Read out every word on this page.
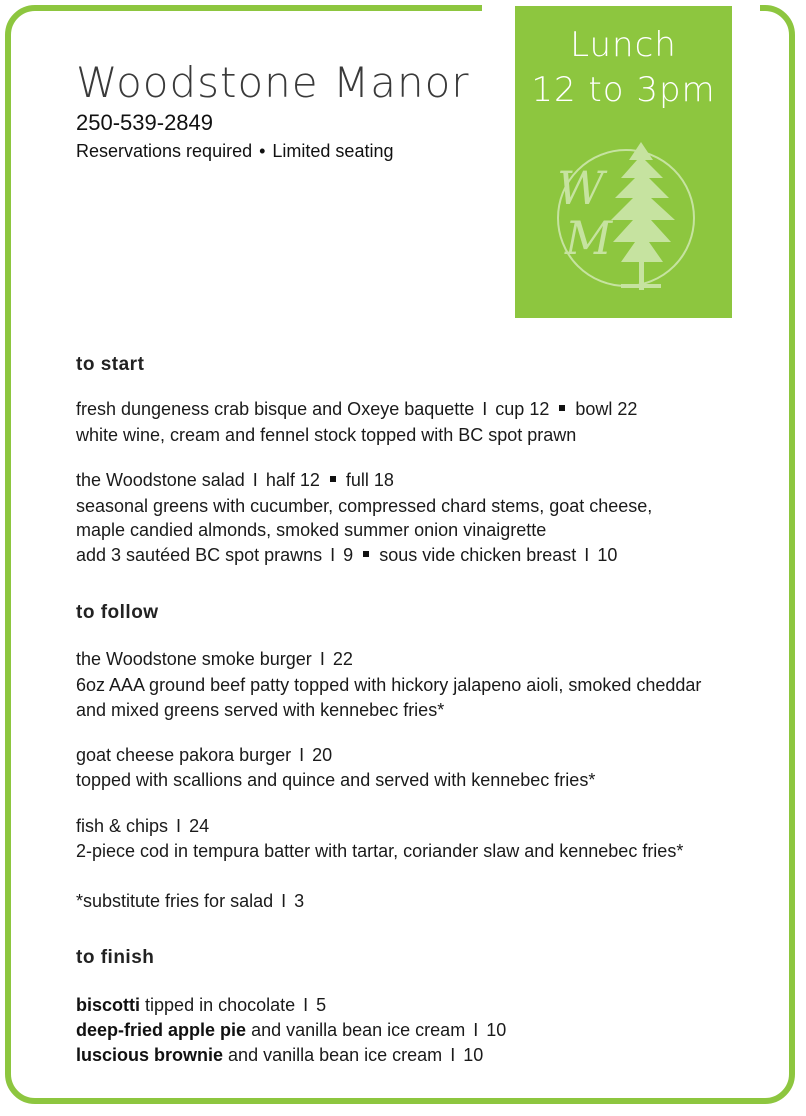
Lunch
12 to 3pm
W
M
Woodstone Manor
250-539-2849
Reservations required • Limited seating
to start
fresh dungeness crab bisque and Oxeye baquette I cup 12 bowl 22
white wine, cream and fennel stock topped with BC spot prawn
the Woodstone salad I half 12 full 18
seasonal greens with cucumber, compressed chard stems, goat cheese,
maple candied almonds, smoked summer onion vinaigrette
add 3 sautéed BC spot prawns I 9 sous vide chicken breast I 10
to follow
the Woodstone smoke burger I 22
6oz AAA ground beef patty topped with hickory jalapeno aioli, smoked cheddar
and mixed greens served with kennebec fries*
goat cheese pakora burger I 20
topped with scallions and quince and served with kennebec fries*
fish & chips I 24
2-piece cod in tempura batter with tartar, coriander slaw and kennebec fries*
*substitute fries for salad I 3
to finish
biscotti tipped in chocolate I 5
deep-fried apple pie and vanilla bean ice cream I 10
luscious brownie and vanilla bean ice cream I 10
